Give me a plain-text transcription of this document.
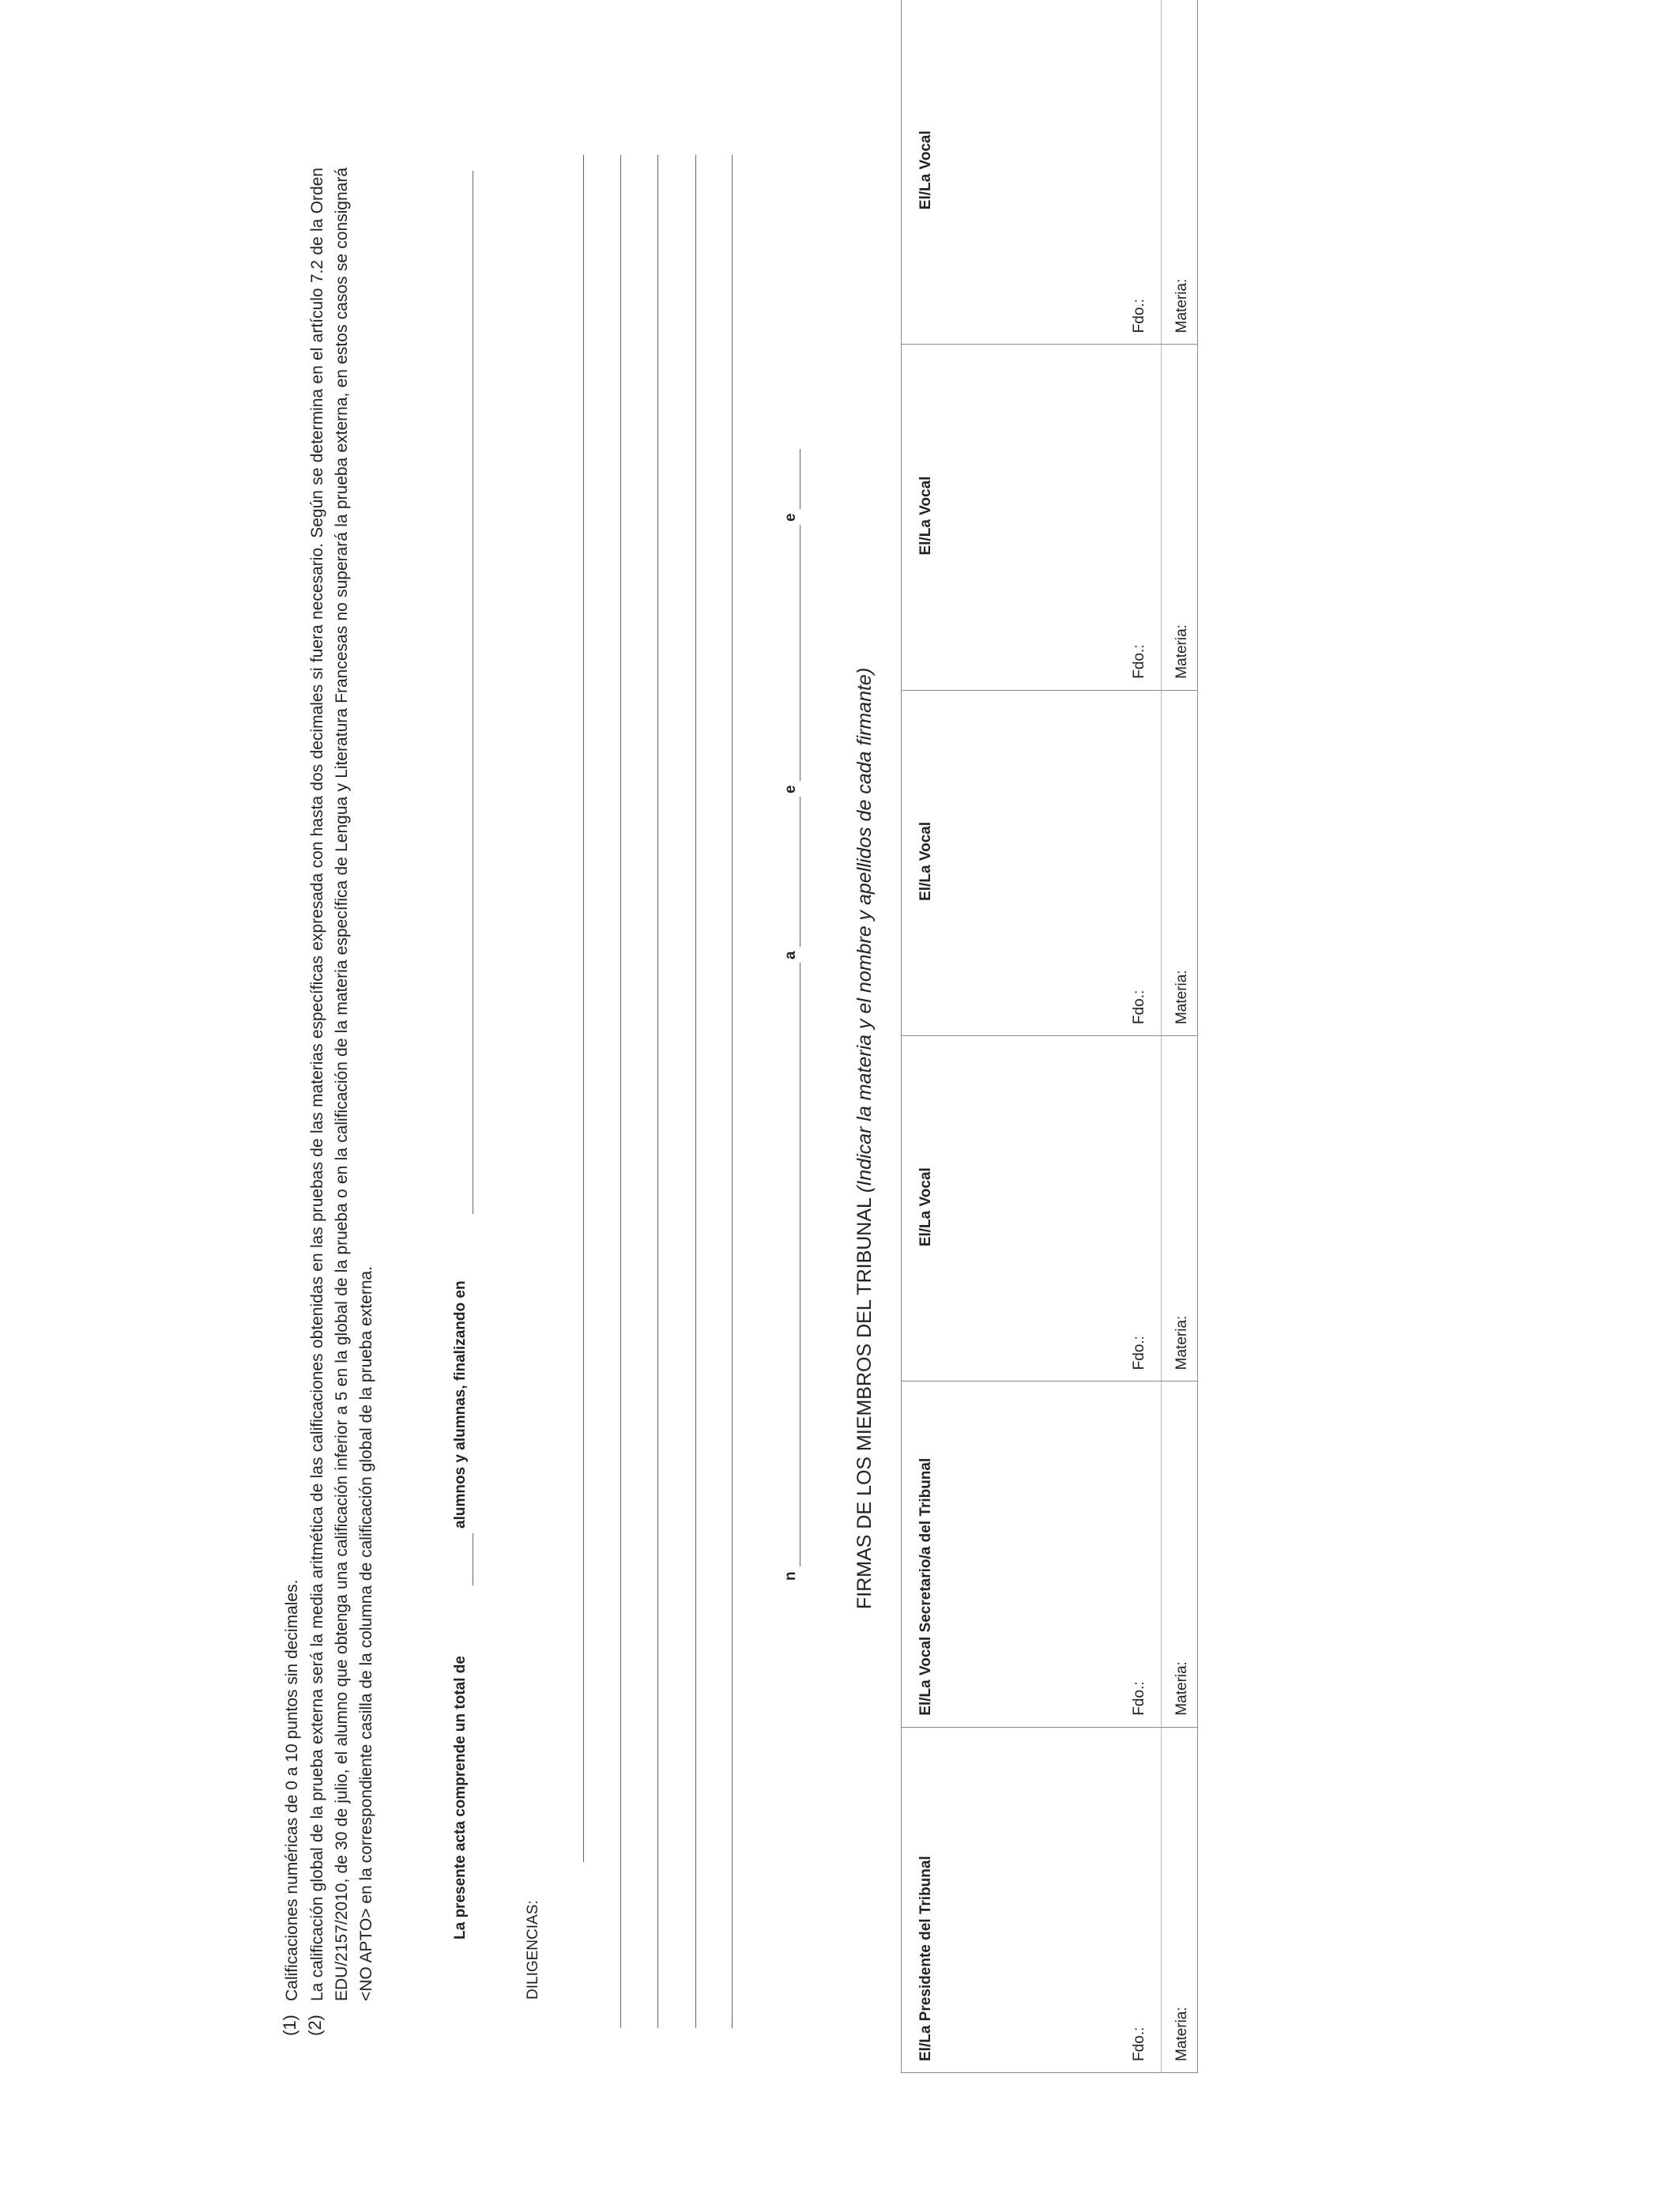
(1)
Calificaciones numéricas de 0 a 10 puntos sin decimales.
(2)
La calificación global de la prueba externa será la media aritmética de las calificaciones obtenidas en las pruebas de las materias específicas expresada con hasta dos decimales si fuera necesario. Según se determina en el artículo 7.2 de la Orden EDU/2157/2010, de 30 de julio, el alumno que obtenga una calificación inferior a 5 en la global de la prueba o en la calificación de la materia específica de Lengua y Literatura Francesas no superará la prueba externa, en estos casos se consignará <NO APTO> en la correspondiente casilla de la columna de calificación global de la prueba externa.	La presente acta comprende un total de
alumnos y alumnas, finalizando en
DILIGENCIAS:
n
a
e
e
FIRMAS DE LOS MIEMBROS DEL TRIBUNAL (Indicar la materia y el nombre y apellidos de cada firmante)
El/La Presidente del Tribunal	Fdo.: Materia:
El/La Vocal Secretario/a del Tribunal	Fdo.: Materia:
El/La Vocal
Fdo.: Materia:
El/La Vocal
Fdo.: Materia:
El/La Vocal
Fdo.: Materia:
El/La Vocal
Fdo.: Materia:
